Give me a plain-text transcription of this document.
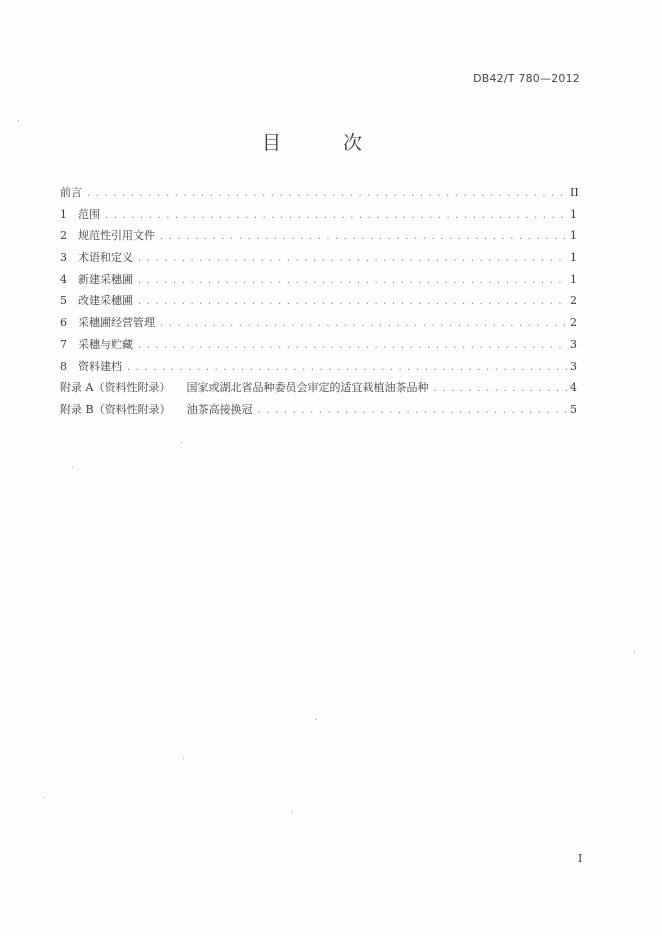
DB42/T 780—2012
目 次
前言 . . .	II
1	范围 . . .	1
2	规范性引用文件 . . .	1
3	术语和定义 . . .	1
4	新建采穗圃 . . .	1
5	改建采穗圃 . . .	2
6	采穗圃经营管理 . . .	2
7	采穗与贮藏 . . .	3
8	资料建档 . . .	3
附录 A（资料性附录）	国家或湖北省品种委员会审定的适宜栽植油茶品种 . . .	4
附录 B（资料性附录）	油茶高接换冠 . . .	5
I
